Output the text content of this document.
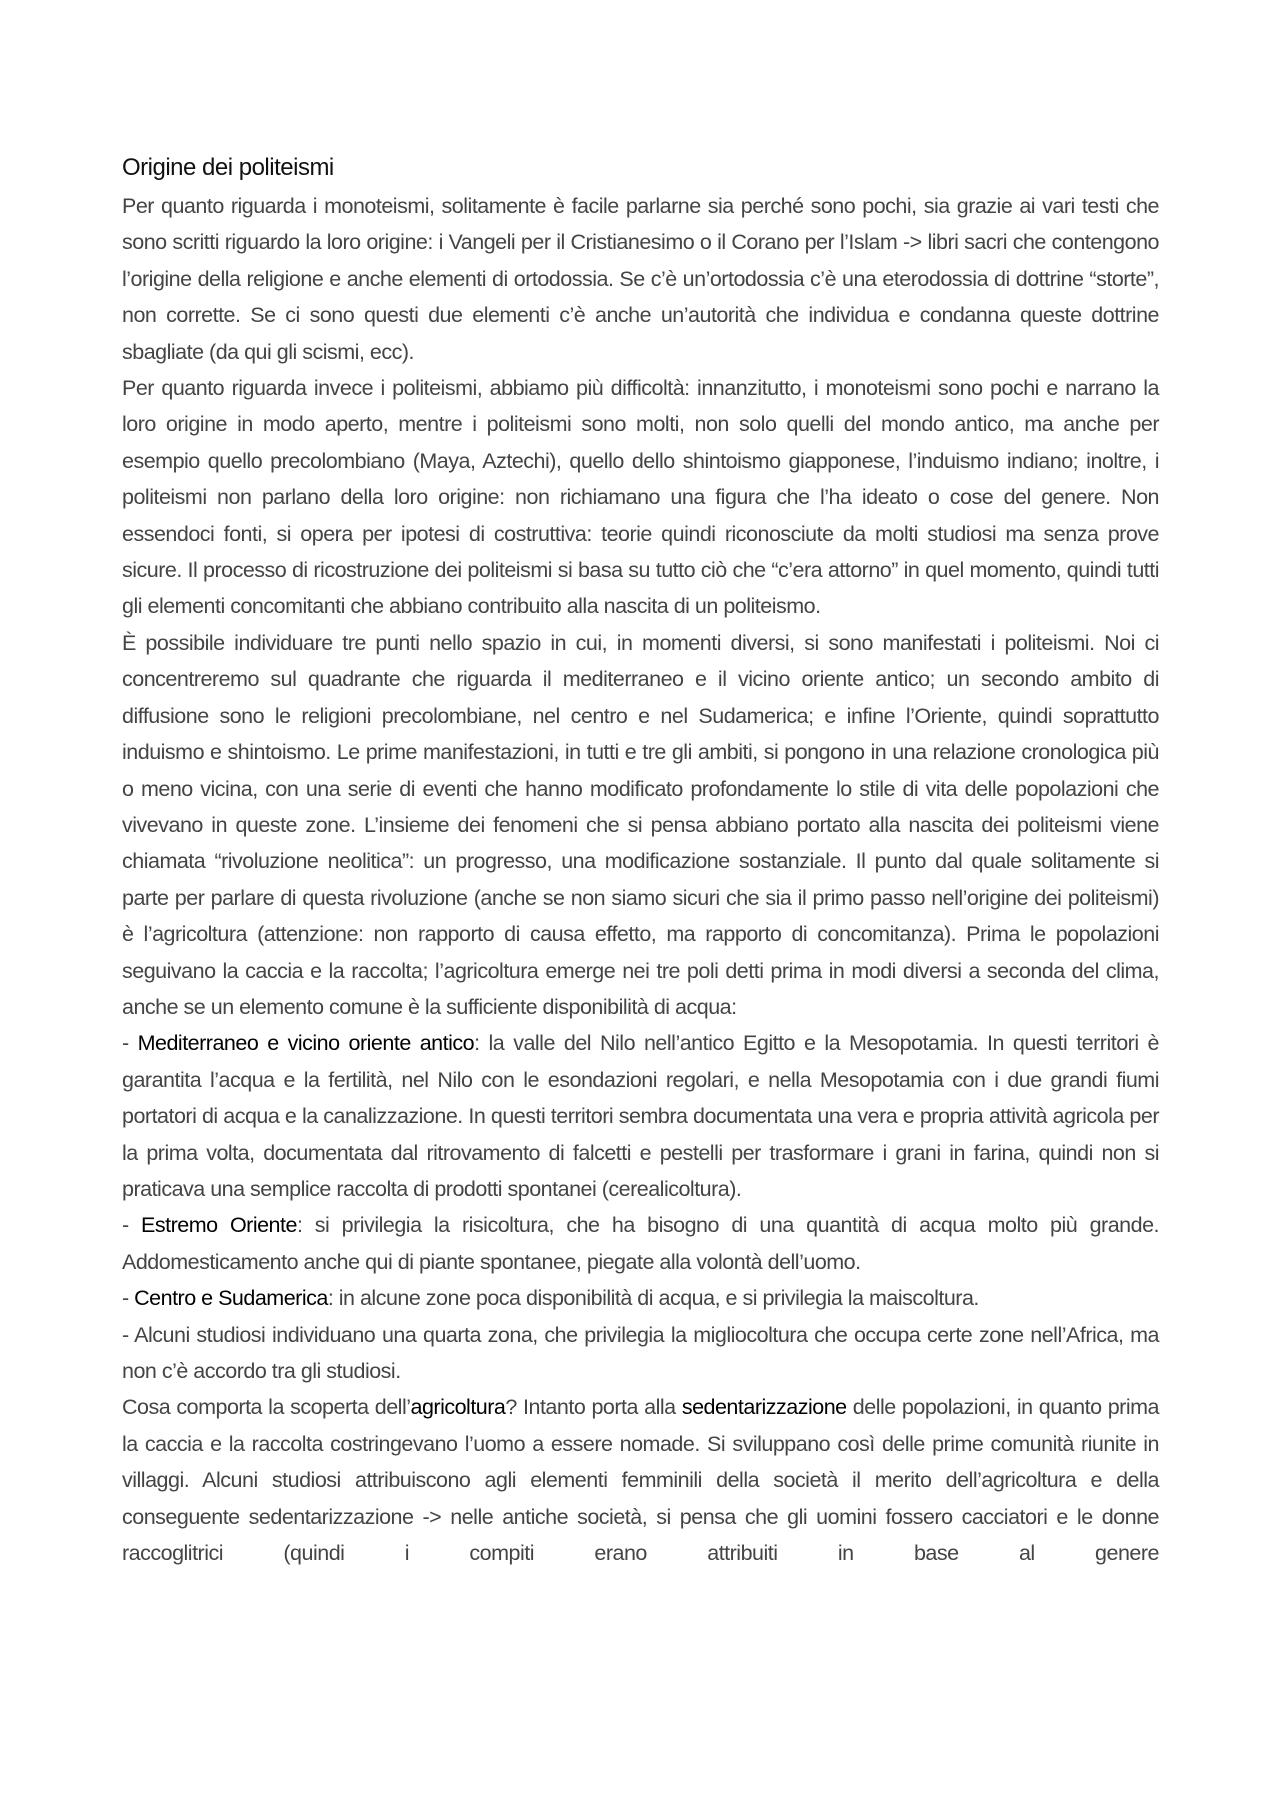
Origine dei politeismi

Per quanto riguarda i monoteismi, solitamente è facile parlarne sia perché sono pochi, sia grazie ai vari testi che sono scritti riguardo la loro origine: i Vangeli per il Cristianesimo o il Corano per l’Islam -> libri sacri che contengono l’origine della religione e anche elementi di ortodossia. Se c’è un’ortodossia c’è una eterodossia di dottrine “storte”, non corrette. Se ci sono questi due elementi c’è anche un’autorità che individua e condanna queste dottrine sbagliate (da qui gli scismi, ecc).

Per quanto riguarda invece i politeismi, abbiamo più difficoltà: innanzitutto, i monoteismi sono pochi e narrano la loro origine in modo aperto, mentre i politeismi sono molti, non solo quelli del mondo antico, ma anche per esempio quello precolombiano (Maya, Aztechi), quello dello shintoismo giapponese, l’induismo indiano; inoltre, i politeismi non parlano della loro origine: non richiamano una figura che l’ha ideato o cose del genere. Non essendoci fonti, si opera per ipotesi di costruttiva: teorie quindi riconosciute da molti studiosi ma senza prove sicure. Il processo di ricostruzione dei politeismi si basa su tutto ciò che “c’era attorno” in quel momento, quindi tutti gli elementi concomitanti che abbiano contribuito alla nascita di un politeismo.

È possibile individuare tre punti nello spazio in cui, in momenti diversi, si sono manifestati i politeismi. Noi ci concentreremo sul quadrante che riguarda il mediterraneo e il vicino oriente antico; un secondo ambito di diffusione sono le religioni precolombiane, nel centro e nel Sudamerica; e infine l’Oriente, quindi soprattutto induismo e shintoismo. Le prime manifestazioni, in tutti e tre gli ambiti, si pongono in una relazione cronologica più o meno vicina, con una serie di eventi che hanno modificato profondamente lo stile di vita delle popolazioni che vivevano in queste zone. L’insieme dei fenomeni che si pensa abbiano portato alla nascita dei politeismi viene chiamata “rivoluzione neolitica”: un progresso, una modificazione sostanziale. Il punto dal quale solitamente si parte per parlare di questa rivoluzione (anche se non siamo sicuri che sia il primo passo nell’origine dei politeismi) è l’agricoltura (attenzione: non rapporto di causa effetto, ma rapporto di concomitanza). Prima le popolazioni seguivano la caccia e la raccolta; l’agricoltura emerge nei tre poli detti prima in modi diversi a seconda del clima, anche se un elemento comune è la sufficiente disponibilità di acqua:

- Mediterraneo e vicino oriente antico: la valle del Nilo nell’antico Egitto e la Mesopotamia. In questi territori è garantita l’acqua e la fertilità, nel Nilo con le esondazioni regolari, e nella Mesopotamia con i due grandi fiumi portatori di acqua e la canalizzazione. In questi territori sembra documentata una vera e propria attività agricola per la prima volta, documentata dal ritrovamento di falcetti e pestelli per trasformare i grani in farina, quindi non si praticava una semplice raccolta di prodotti spontanei (cerealicoltura).

- Estremo Oriente: si privilegia la risicoltura, che ha bisogno di una quantità di acqua molto più grande. Addomesticamento anche qui di piante spontanee, piegate alla volontà dell’uomo.

- Centro e Sudamerica: in alcune zone poca disponibilità di acqua, e si privilegia la maiscoltura.

- Alcuni studiosi individuano una quarta zona, che privilegia la migliocoltura che occupa certe zone nell’Africa, ma non c’è accordo tra gli studiosi.

Cosa comporta la scoperta dell’agricoltura? Intanto porta alla sedentarizzazione delle popolazioni, in quanto prima la caccia e la raccolta costringevano l’uomo a essere nomade. Si sviluppano così delle prime comunità riunite in villaggi. Alcuni studiosi attribuiscono agli elementi femminili della società il merito dell’agricoltura e della conseguente sedentarizzazione -> nelle antiche società, si pensa che gli uomini fossero cacciatori e le donne raccoglitrici (quindi i compiti erano attribuiti in base al genere
